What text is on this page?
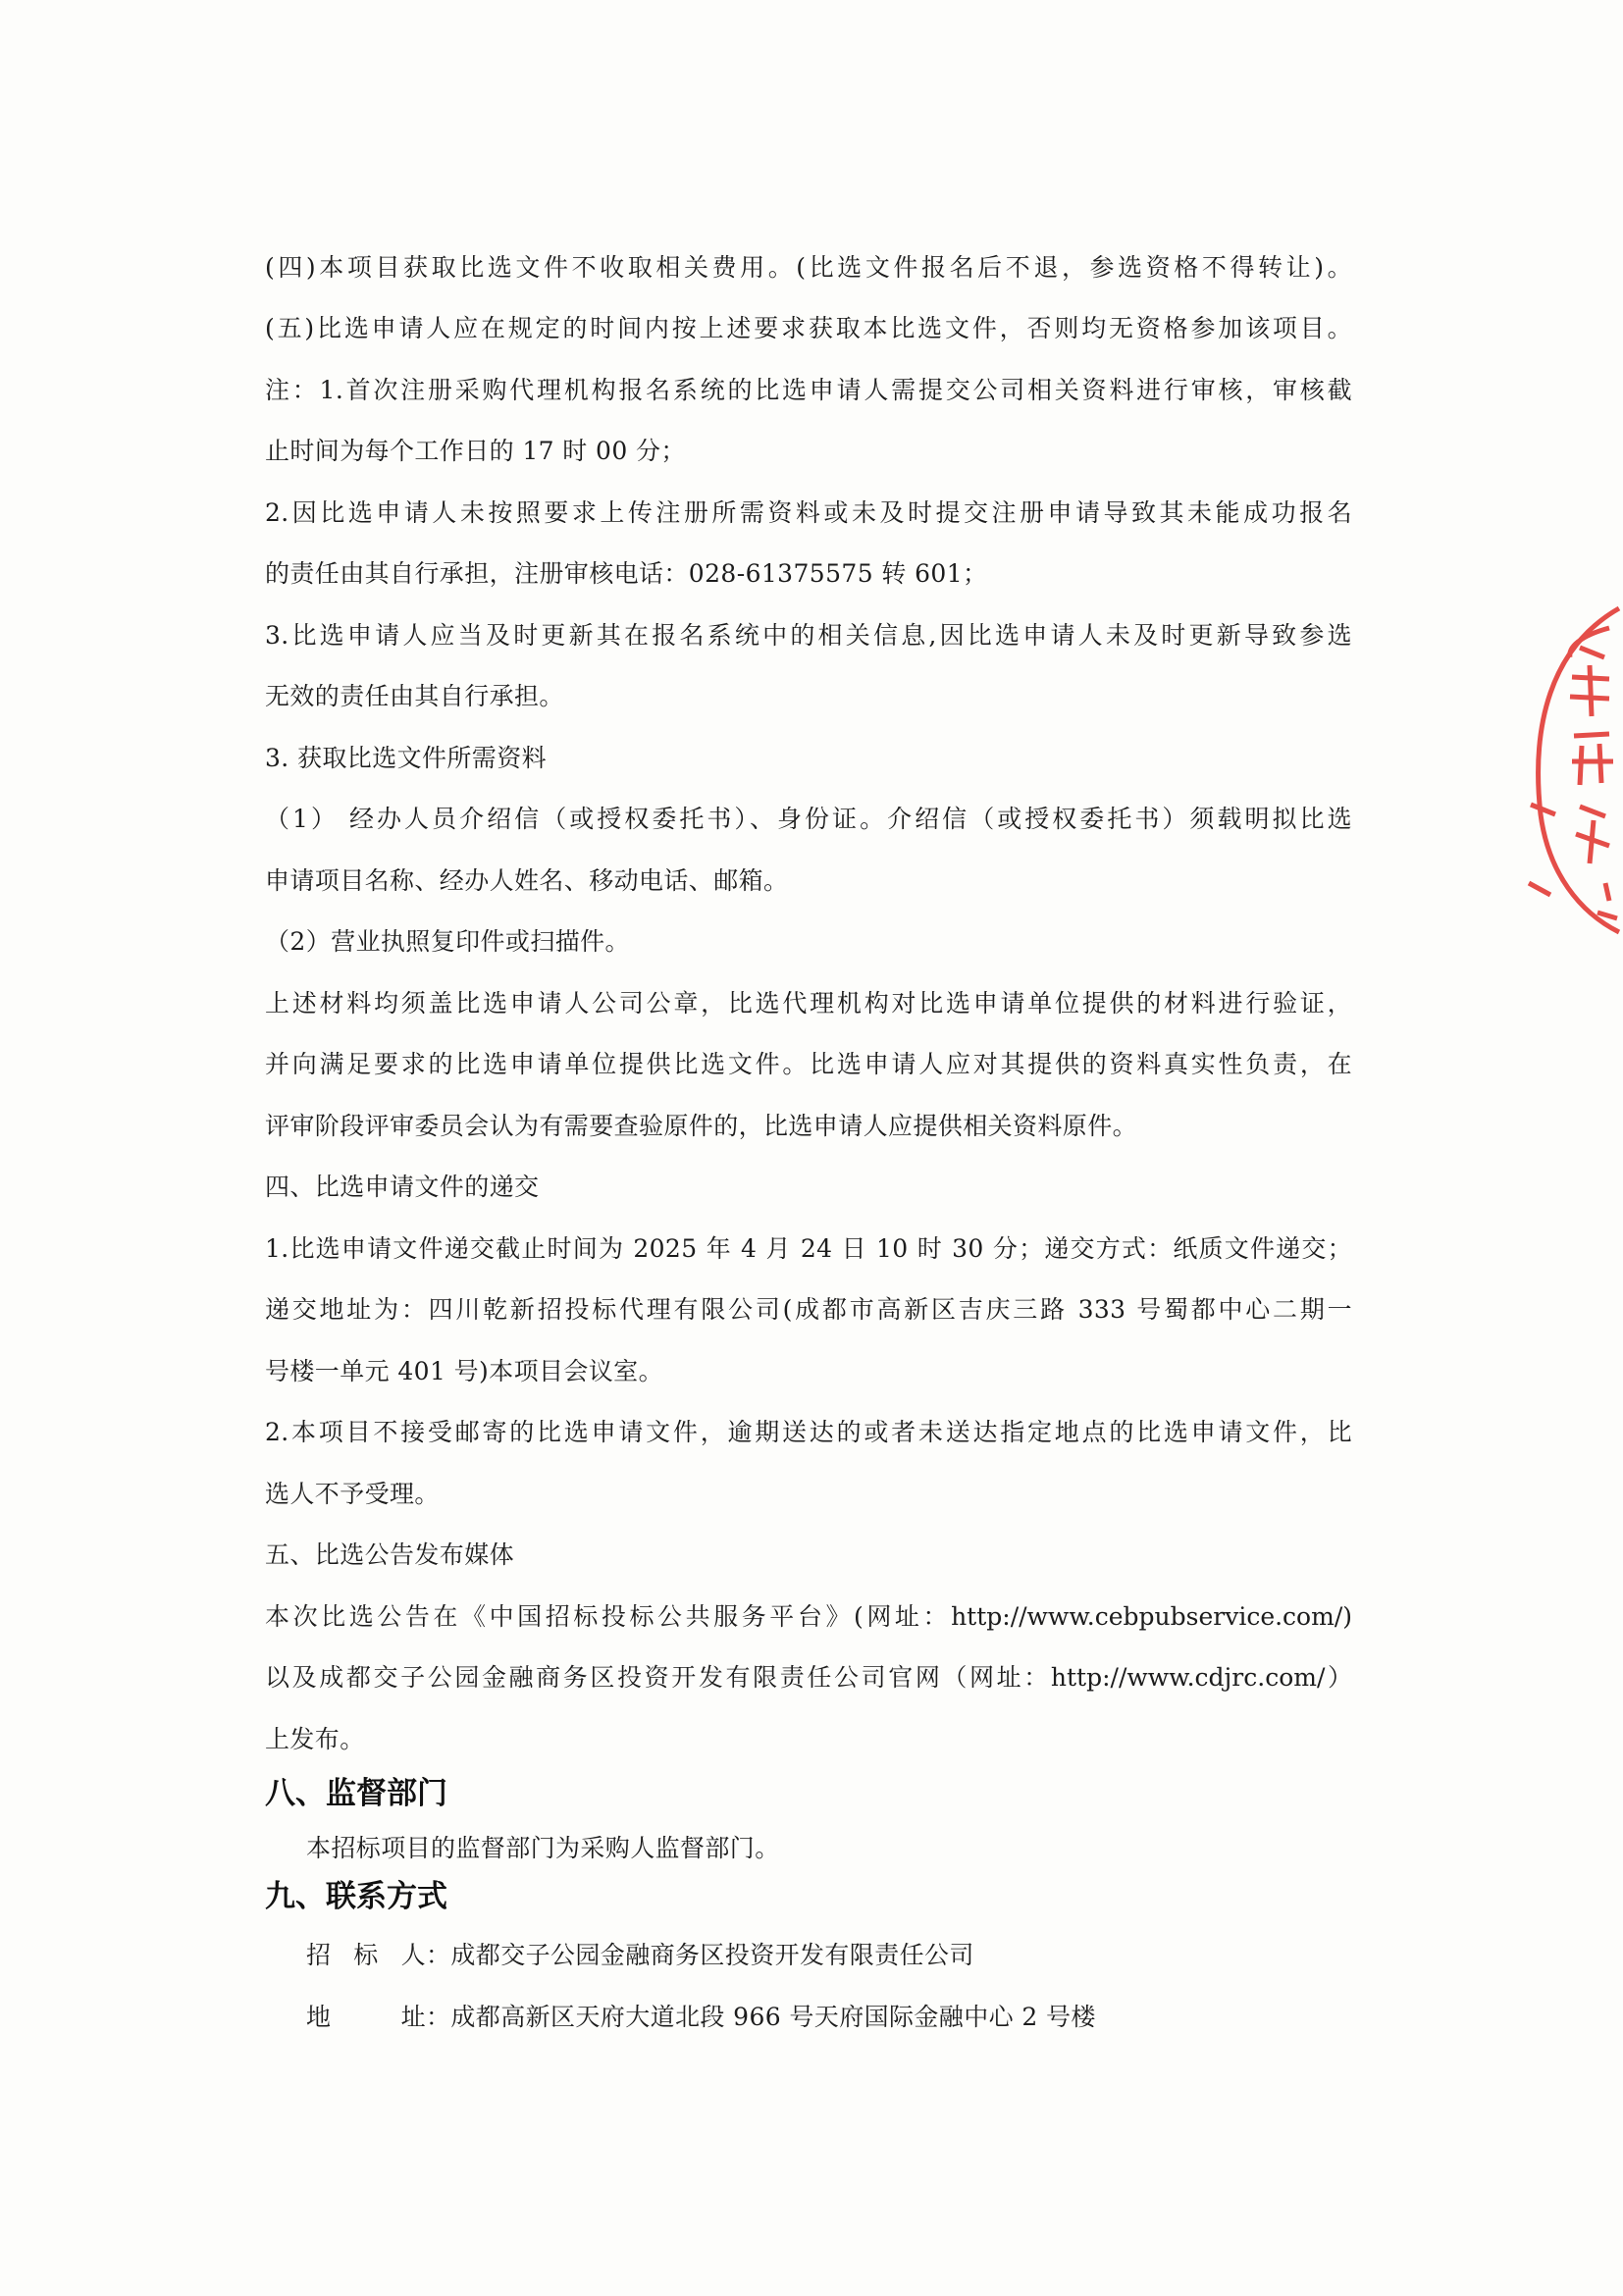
(四)本项目获取比选文件不收取相关费用。(比选文件报名后不退，参选资格不得转让)。
(五)比选申请人应在规定的时间内按上述要求获取本比选文件，否则均无资格参加该项目。
注：1.首次注册采购代理机构报名系统的比选申请人需提交公司相关资料进行审核，审核截
止时间为每个工作日的 17 时 00 分；
2.因比选申请人未按照要求上传注册所需资料或未及时提交注册申请导致其未能成功报名
的责任由其自行承担，注册审核电话：028-61375575 转 601；
3.比选申请人应当及时更新其在报名系统中的相关信息,因比选申请人未及时更新导致参选
无效的责任由其自行承担。
3. 获取比选文件所需资料
（1） 经办人员介绍信（或授权委托书）、身份证。介绍信（或授权委托书）须载明拟比选
申请项目名称、经办人姓名、移动电话、邮箱。
（2）营业执照复印件或扫描件。
上述材料均须盖比选申请人公司公章，比选代理机构对比选申请单位提供的材料进行验证，
并向满足要求的比选申请单位提供比选文件。比选申请人应对其提供的资料真实性负责，在
评审阶段评审委员会认为有需要查验原件的，比选申请人应提供相关资料原件。
四、比选申请文件的递交
1.比选申请文件递交截止时间为 2025 年 4 月 24 日 10 时 30 分；递交方式：纸质文件递交；
递交地址为：四川乾新招投标代理有限公司(成都市高新区吉庆三路 333 号蜀都中心二期一
号楼一单元 401 号)本项目会议室。
2.本项目不接受邮寄的比选申请文件，逾期送达的或者未送达指定地点的比选申请文件，比
选人不予受理。
五、比选公告发布媒体
本次比选公告在《中国招标投标公共服务平台》(网址：http://www.cebpubservice.com/)
以及成都交子公园金融商务区投资开发有限责任公司官网（网址：http://www.cdjrc.com/）
上发布。
八、监督部门
本招标项目的监督部门为采购人监督部门。
九、联系方式
招标人：成都交子公园金融商务区投资开发有限责任公司
地址：成都高新区天府大道北段 966 号天府国际金融中心 2 号楼
